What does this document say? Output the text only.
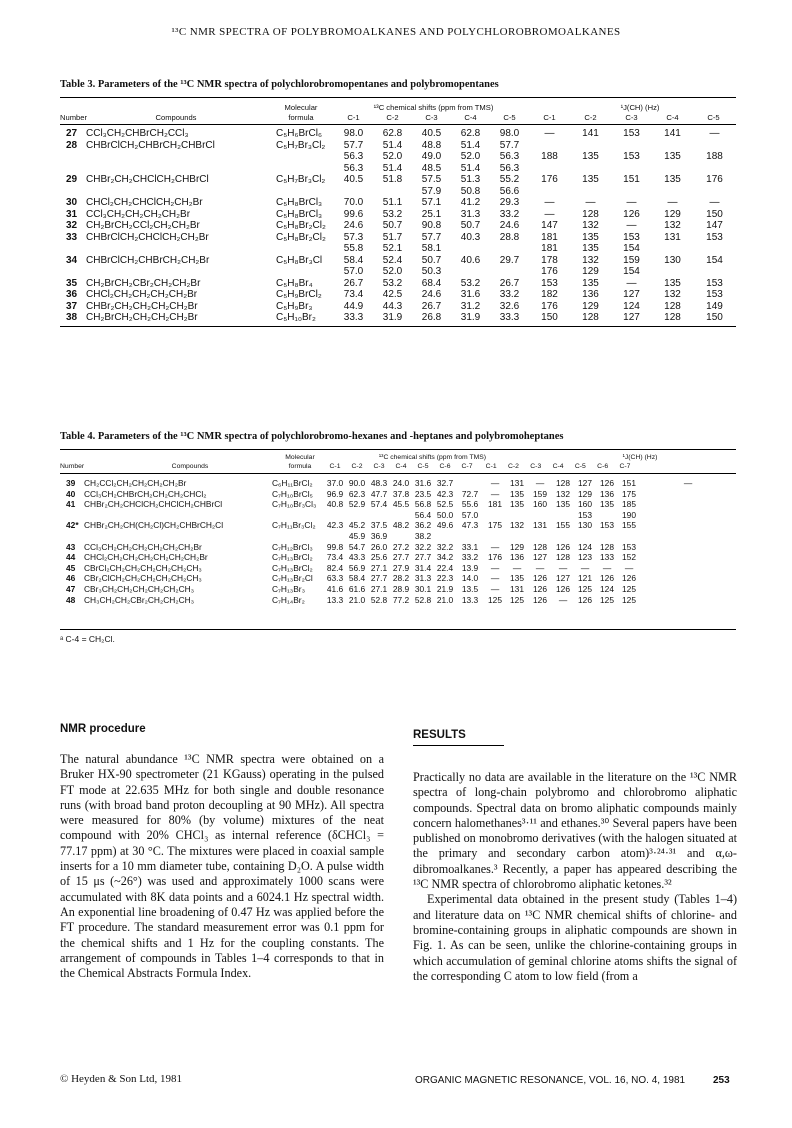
¹³C NMR SPECTRA OF POLYBROMOALKANES AND POLYCHLOROBROMOALKANES
Table 3. Parameters of the ¹³C NMR spectra of polychlorobromopentanes and polybromopentanes

Molecular	¹³C chemical shifts (ppm from TMS)	¹J(CH) (Hz)
Number	Compounds	formula	C-1	C-2	C-3	C-4	C-5	C-1	C-2	C-3	C-4	C-5
27	CCl₃CH₂CHBrCH₂CCl₃	C₅H₆BrCl₆	98.0	62.8	40.5	62.8	98.0	—	141	153	141	—
28	CHBrClCH₂CHBrCH₂CHBrCl	C₅H₇Br₃Cl₂	57.7	51.4	48.8	51.4	57.7					
			56.3	52.0	49.0	52.0	56.3	188	135	153	135	188
			56.3	51.4	48.5	51.4	56.3					
29	CHBr₂CH₂CHClCH₂CHBrCl	C₅H₇Br₃Cl₂	40.5	51.8	57.5	51.3	55.2	176	135	151	135	176
					57.9	50.8	56.6					
30	CHCl₂CH₂CHClCH₂CH₂Br	C₅H₈BrCl₃	70.0	51.1	57.1	41.2	29.3	—	—	—	—	—
31	CCl₃CH₂CH₂CH₂CH₂Br	C₅H₈BrCl₃	99.6	53.2	25.1	31.3	33.2	—	128	126	129	150
32	CH₂BrCH₂CCl₂CH₂CH₂Br	C₅H₈Br₂Cl₂	24.6	50.7	90.8	50.7	24.6	147	132	—	132	147
33	CHBrClCH₂CHClCH₂CH₂Br	C₅H₈Br₂Cl₂	57.3	51.7	57.7	40.3	28.8	181	135	153	131	153
			55.8	52.1	58.1			181	135	154		
34	CHBrClCH₂CHBrCH₂CH₂Br	C₅H₈Br₃Cl	58.4	52.4	50.7	40.6	29.7	178	132	159	130	154
			57.0	52.0	50.3			176	129	154		
35	CH₂BrCH₂CBr₂CH₂CH₂Br	C₅H₈Br₄	26.7	53.2	68.4	53.2	26.7	153	135	—	135	153
36	CHCl₂CH₂CH₂CH₂CH₂Br	C₅H₉BrCl₂	73.4	42.5	24.6	31.6	33.2	182	136	127	132	153
37	CHBr₂CH₂CH₂CH₂CH₂Br	C₅H₉Br₃	44.9	44.3	26.7	31.2	32.6	176	129	124	128	149
38	CH₂BrCH₂CH₂CH₂CH₂Br	C₅H₁₀Br₂	33.3	31.9	26.8	31.9	33.3	150	128	127	128	150
Table 4. Parameters of the ¹³C NMR spectra of polychlorobromo-hexanes and -heptanes and polybromoheptanes
Molecular	¹³C chemical shifts (ppm from TMS)	¹J(CH) (Hz)
Number	Compounds	formula	C-1	C-2	C-3	C-4	C-5	C-6	C-7	C-1	C-2	C-3	C-4	C-5	C-6	C-7
39	CH₂CCl₂CH₂CH₂CH₂CH₂Br	C₆H₁₁BrCl₂	37.0	90.0	48.3	24.0	31.6	32.7		—	131	—	128	127	126	151	—
40	CCl₃CH₂CHBrCH₂CH₂CH₂CHCl₂	C₇H₁₀BrCl₅	96.9	62.3	47.7	37.8	23.5	42.3	72.7	—	135	159	132	129	136	175	
41	CHBr₂CH₂CHClCH₂CHClCH₂CHBrCl	C₇H₁₀Br₃Cl₃	40.8	52.9	57.4	45.5	56.8	52.5	55.6	181	135	160	135	160	135	185	
							56.4	50.0	57.0					153		190	
42*	CHBr₂CH₂CH(CH₂Cl)CH₂CHBrCH₂Cl	C₇H₁₁Br₃Cl₂	42.3	45.2	37.5	48.2	36.2	49.6	47.3	175	132	131	155	130	153	155	
				45.9	36.9		38.2										
43	CCl₃CH₂CH₂CH₂CH₂CH₂CH₂Br	C₇H₁₂BrCl₃	99.8	54.7	26.0	27.2	32.2	32.2	33.1	—	129	128	126	124	128	153	
44	CHCl₂CH₂CH₂CH₂CH₂CH₂CH₂Br	C₇H₁₃BrCl₂	73.4	43.3	25.6	27.7	27.7	34.2	33.2	176	136	127	128	123	133	152	
45	CBrCl₂CH₂CH₂CH₂CH₂CH₂CH₃	C₇H₁₃BrCl₂	82.4	56.9	27.1	27.9	31.4	22.4	13.9	—	—	—	—	—	—	—	
46	CBr₂ClCH₂CH₂CH₂CH₂CH₂CH₃	C₇H₁₃Br₂Cl	63.3	58.4	27.7	28.2	31.3	22.3	14.0	—	135	126	127	121	126	126	
47	CBr₃CH₂CH₂CH₂CH₂CH₂CH₃	C₇H₁₃Br₃	41.6	61.6	27.1	28.9	30.1	21.9	13.5	—	131	126	126	125	124	125	
48	CH₃CH₂CH₂CBr₂CH₂CH₂CH₃	C₇H₁₄Br₂	13.3	21.0	52.8	77.2	52.8	21.0	13.3	125	125	126	—	126	125	125	
ᵃ C-4 = CH₂Cl.
NMR procedure

The natural abundance ¹³C NMR spectra were obtained on a Bruker HX-90 spectrometer (21 KGauss) operating in the pulsed FT mode at 22.635 MHz for both single and double resonance runs (with broad band proton decoupling at 90 MHz). All spectra were measured for 80% (by volume) mixtures of the neat compound with 20% CHCl₃ as internal reference (δCHCl₃ = 77.17 ppm) at 30 °C. The mixtures were placed in coaxial sample inserts for a 10 mm diameter tube, containing D₂O. A pulse width of 15 μs (~26°) was used and approximately 1000 scans were accumulated with 8K data points and a 6024.1 Hz spectral width. An exponential line broadening of 0.47 Hz was applied before the FT procedure. The standard measurement error was 0.1 ppm for the chemical shifts and 1 Hz for the coupling constants. The arrangement of compounds in Tables 1–4 corresponds to that in the Chemical Abstracts Formula Index.

RESULTS

Practically no data are available in the literature on the ¹³C NMR spectra of long-chain polybromo and chlorobromo aliphatic compounds. Spectral data on bromo aliphatic compounds mainly concern halomethanes³·¹¹ and ethanes.³⁰ Several papers have been published on monobromo derivatives (with the halogen situated at the primary and secondary carbon atom)³·²⁴·³¹ and α,ω-dibromoalkanes.³ Recently, a paper has appeared describing the ¹³C NMR spectra of chlorobromo aliphatic ketones.³²

Experimental data obtained in the present study (Tables 1–4) and literature data on ¹³C NMR chemical shifts of chlorine- and bromine-containing groups in aliphatic compounds are shown in Fig. 1. As can be seen, unlike the chlorine-containing groups in which accumulation of geminal chlorine atoms shifts the signal of the corresponding C atom to low field (from a

© Heyden & Son Ltd, 1981	ORGANIC MAGNETIC RESONANCE, VOL. 16, NO. 4, 1981	253
